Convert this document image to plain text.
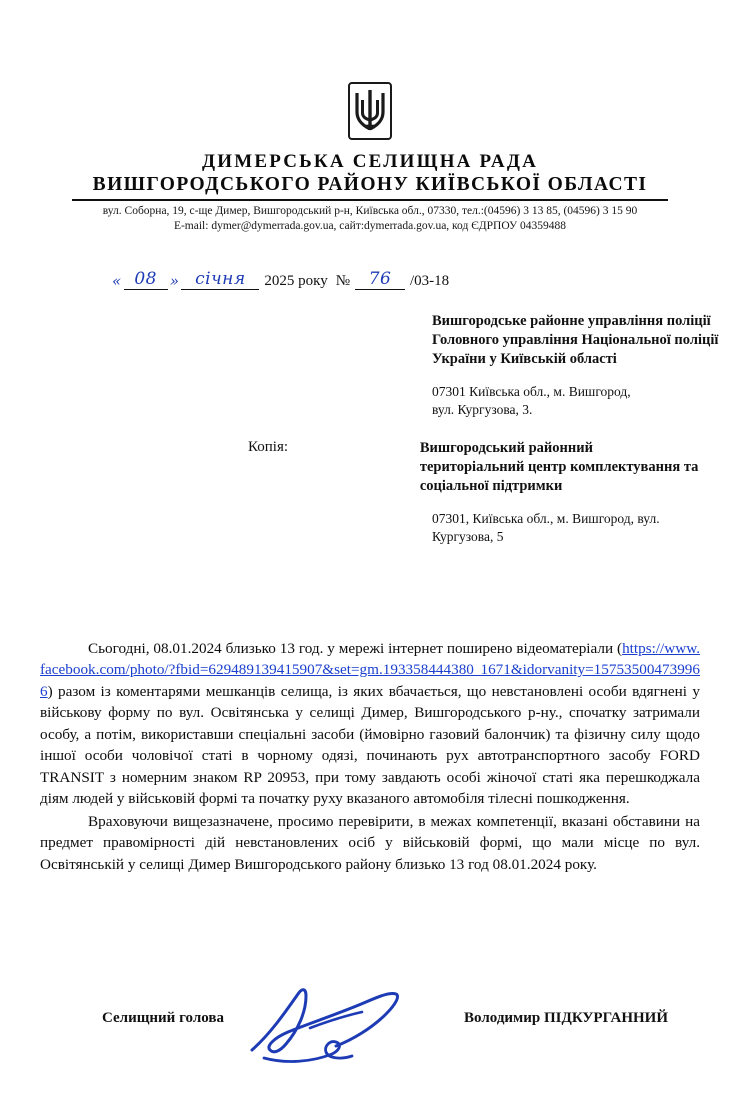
ДИМЕРСЬКА СЕЛИЩНА РАДА
ВИШГОРОДСЬКОГО РАЙОНУ КИЇВСЬКОЇ ОБЛАСТІ
вул. Соборна, 19, с-ще Димер, Вишгородський р-н, Київська обл., 07330, тел.:(04596) 3 13 85, (04596) 3 15 90
E-mail: dymer@dymerrada.gov.ua, сайт:dymerrada.gov.ua, код ЄДРПОУ 04359488
« 08 » січня	2025 року №	76	/03-18
Вишгородське районне управління поліції Головного управління Національної поліції України у Київській області
07301 Київська обл., м. Вишгород,
вул. Кургузова, 3.
Копія:	Вишгородський районний територіальний центр комплектування та соціальної підтримки
07301, Київська обл., м. Вишгород, вул.
Кургузова, 5

Сьогодні, 08.01.2024 близько 13 год. у мережі інтернет поширено відеоматеріали (https://www.facebook.com/photo/?fbid=629489139415907&set=gm.193358444380 1671&idorvanity=157535004739966) разом із коментарями мешканців селища, із яких вбачається, що невстановлені особи вдягнені у військову форму по вул. Освітянська у селищі Димер, Вишгородського р-ну., спочатку затримали особу, а потім, використавши спеціальні засоби (ймовірно газовий балончик) та фізичну силу щодо іншої особи чоловічої статі в чорному одязі, починають рух автотранспортного засобу FORD TRANSIT з номерним знаком RP 20953, при тому завдають особі жіночої статі яка перешкоджала діям людей у військовій формі та початку руху вказаного автомобіля тілесні пошкодження.

Враховуючи вищезазначене, просимо перевірити, в межах компетенції, вказані обставини на предмет правомірності дій невстановлених осіб у військовій формі, що мали місце по вул. Освітянській у селищі Димер Вишгородського району близько 13 год 08.01.2024 року.

Селищний голова	Володимир ПІДКУРГАННИЙ
